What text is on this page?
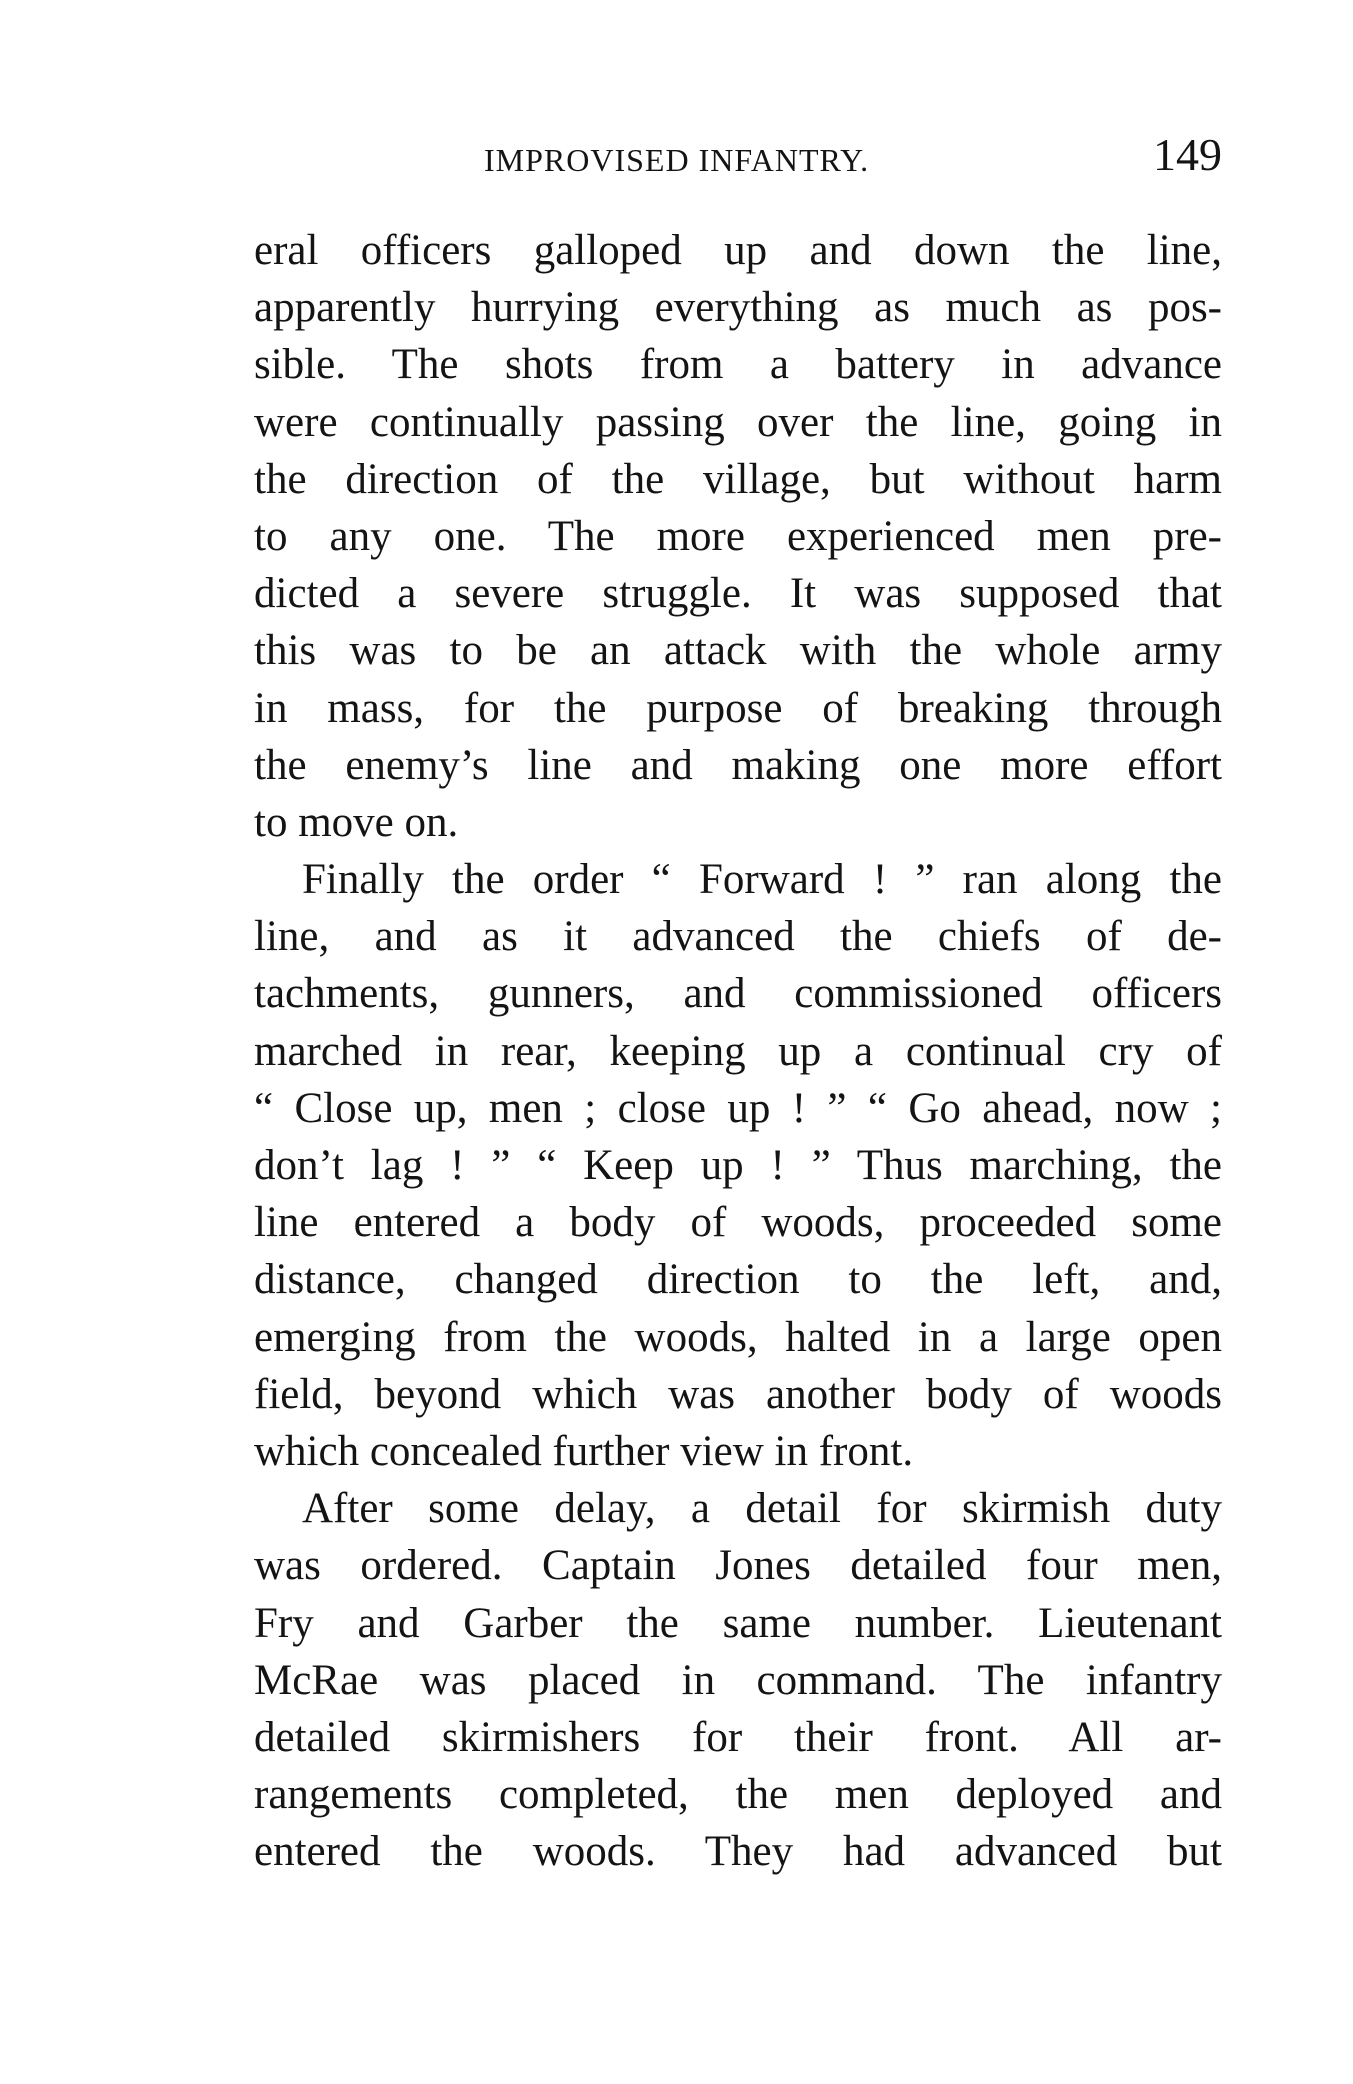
IMPROVISED INFANTRY.	149
eral officers galloped up and down the line,
apparently hurrying everything as much as pos-
sible. The shots from a battery in advance
were continually passing over the line, going in
the direction of the village, but without harm
to any one. The more experienced men pre-
dicted a severe struggle. It was supposed that
this was to be an attack with the whole army
in mass, for the purpose of breaking through
the enemy’s line and making one more effort
to move on.
Finally the order “ Forward ! ” ran along the
line, and as it advanced the chiefs of de-
tachments, gunners, and commissioned officers
marched in rear, keeping up a continual cry of
“ Close up, men ; close up ! ” “ Go ahead, now ;
don’t lag ! ” “ Keep up ! ” Thus marching, the
line entered a body of woods, proceeded some
distance, changed direction to the left, and,
emerging from the woods, halted in a large open
field, beyond which was another body of woods
which concealed further view in front.
After some delay, a detail for skirmish duty
was ordered. Captain Jones detailed four men,
Fry and Garber the same number. Lieutenant
McRae was placed in command. The infantry
detailed skirmishers for their front. All ar-
rangements completed, the men deployed and
entered the woods. They had advanced but
